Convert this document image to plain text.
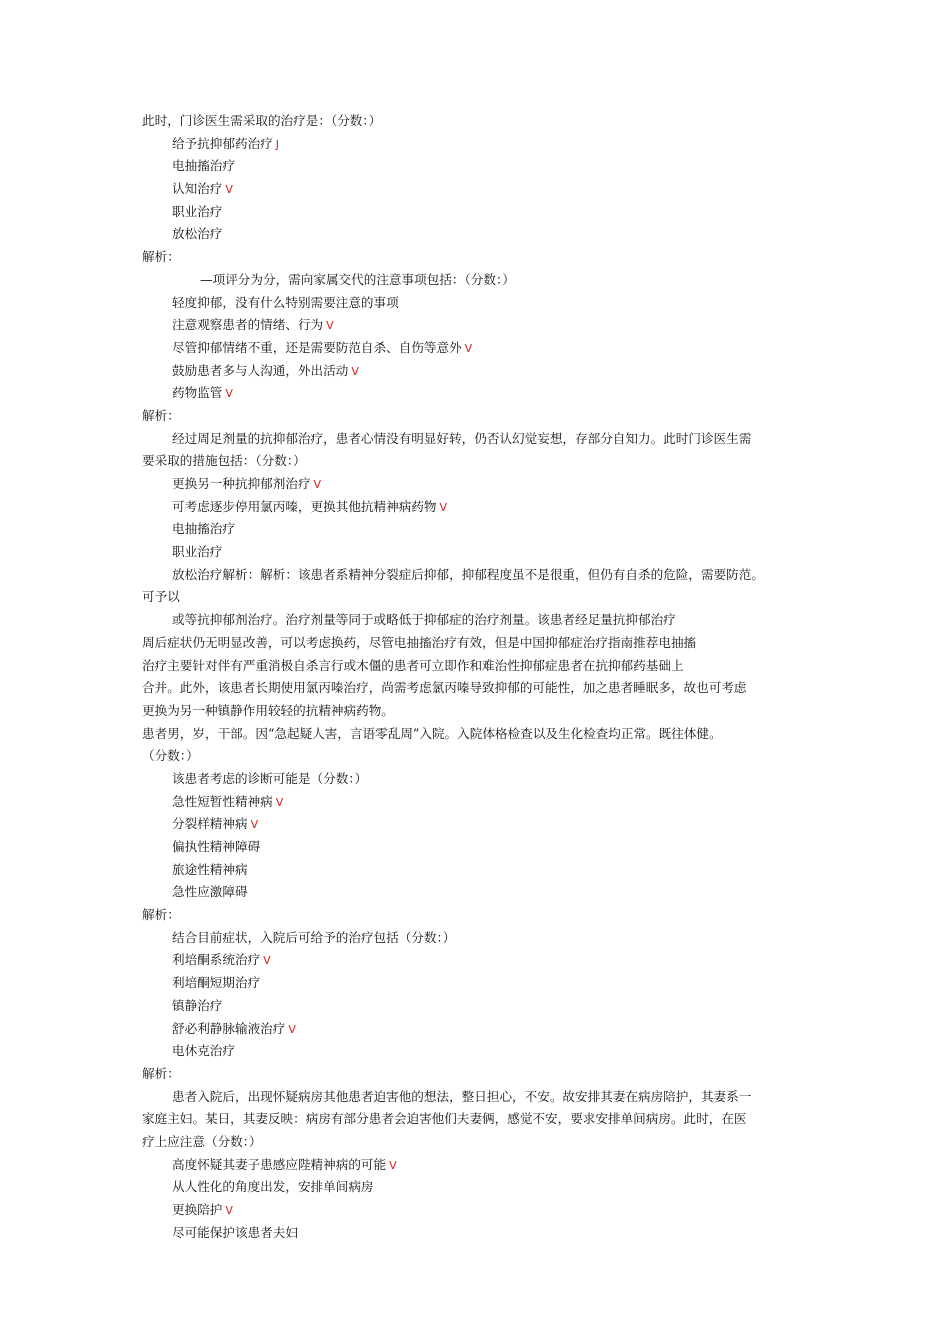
此时，门诊医生需采取的治疗是：（分数：）
给予抗抑郁药治疗 J
电抽搐治疗
认知治疗 V
职业治疗
放松治疗
解析：
—项评分为分，需向家属交代的注意事项包括：（分数：）
轻度抑郁，没有什么特别需要注意的事项
注意观察患者的情绪、行为 V
尽管抑郁情绪不重，还是需要防范自杀、自伤等意外 V
鼓励患者多与人沟通，外出活动 V
药物监管 V
解析：
经过周足剂量的抗抑郁治疗，患者心情没有明显好转，仍否认幻觉妄想，存部分自知力。此时门诊医生需
要采取的措施包括：（分数：）
更换另一种抗抑郁剂治疗 V
可考虑逐步停用氯丙嗪，更换其他抗精神病药物 V
电抽搐治疗
职业治疗
放松治疗解析：解析：该患者系精神分裂症后抑郁，抑郁程度虽不是很重，但仍有自杀的危险，需要防范。
可予以
或等抗抑郁剂治疗。治疗剂量等同于或略低于抑郁症的治疗剂量。该患者经足量抗抑郁治疗
周后症状仍无明显改善，可以考虑换药，尽管电抽搐治疗有效，但是中国抑郁症治疗指南推荐电抽搐
治疗主要针对伴有严重消极自杀言行或木僵的患者可立即作和难治性抑郁症患者在抗抑郁药基础上
合并。此外，该患者长期使用氯丙嗪治疗，尚需考虑氯丙嗪导致抑郁的可能性，加之患者睡眠多，故也可考虑
更换为另一种镇静作用较轻的抗精神病药物。
患者男，岁，干部。因“急起疑人害，言语零乱周”入院。入院体格检查以及生化检查均正常。既往体健。
（分数：）
该患者考虑的诊断可能是（分数：）
急性短暂性精神病 V
分裂样精神病 V
偏执性精神障碍
旅途性精神病
急性应激障碍
解析：
结合目前症状，入院后可给予的治疗包括（分数：）
利培酮系统治疗 V
利培酮短期治疗
镇静治疗
舒必利静脉输液治疗 V
电休克治疗
解析：
患者入院后，出现怀疑病房其他患者迫害他的想法，整日担心，不安。故安排其妻在病房陪护，其妻系一
家庭主妇。某日，其妻反映：病房有部分患者会迫害他们夫妻俩，感觉不安，要求安排单间病房。此时，在医
疗上应注意（分数：）
高度怀疑其妻子患感应陛精神病的可能 V
从人性化的角度出发，安排单间病房
更换陪护 V
尽可能保护该患者夫妇
